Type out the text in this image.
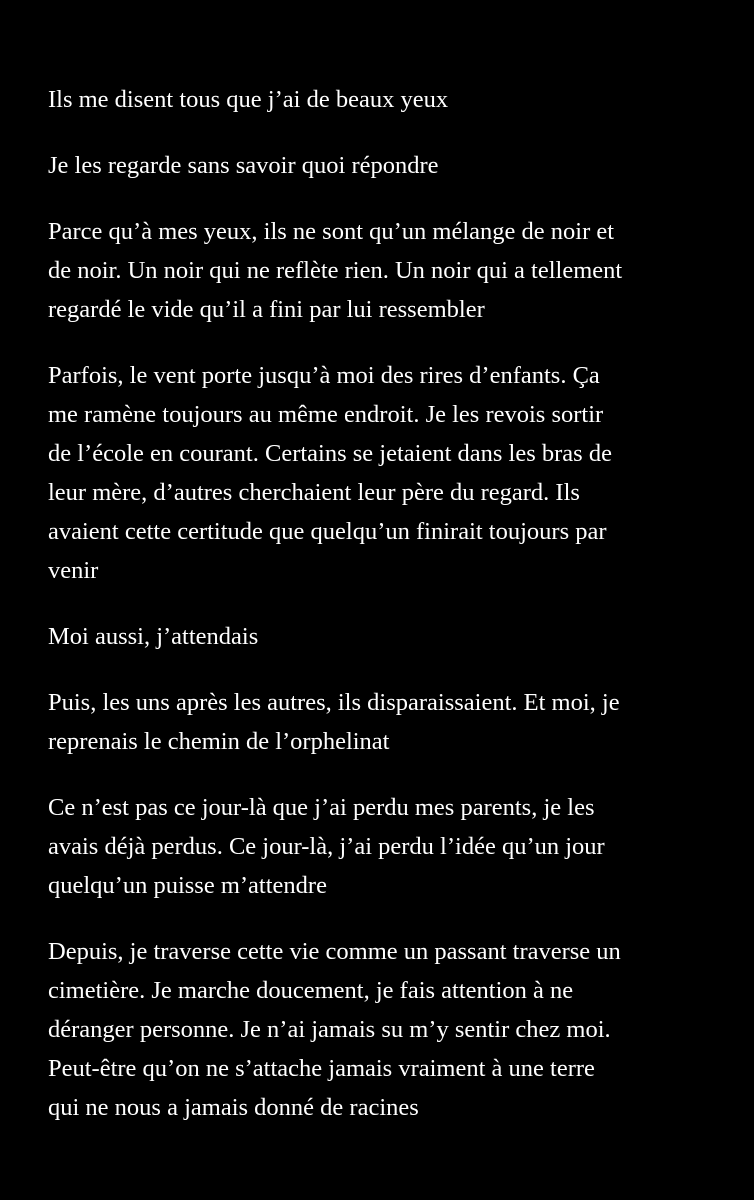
Ils me disent tous que j’ai de beaux yeux

Je les regarde sans savoir quoi répondre

Parce qu’à mes yeux, ils ne sont qu’un mélange de noir et
de noir. Un noir qui ne reflète rien. Un noir qui a tellement
regardé le vide qu’il a fini par lui ressembler

Parfois, le vent porte jusqu’à moi des rires d’enfants. Ça
me ramène toujours au même endroit. Je les revois sortir
de l’école en courant. Certains se jetaient dans les bras de
leur mère, d’autres cherchaient leur père du regard. Ils
avaient cette certitude que quelqu’un finirait toujours par
venir

Moi aussi, j’attendais

Puis, les uns après les autres, ils disparaissaient. Et moi, je
reprenais le chemin de l’orphelinat

Ce n’est pas ce jour-là que j’ai perdu mes parents, je les
avais déjà perdus. Ce jour-là, j’ai perdu l’idée qu’un jour
quelqu’un puisse m’attendre

Depuis, je traverse cette vie comme un passant traverse un
cimetière. Je marche doucement, je fais attention à ne
déranger personne. Je n’ai jamais su m’y sentir chez moi.
Peut-être qu’on ne s’attache jamais vraiment à une terre
qui ne nous a jamais donné de racines
